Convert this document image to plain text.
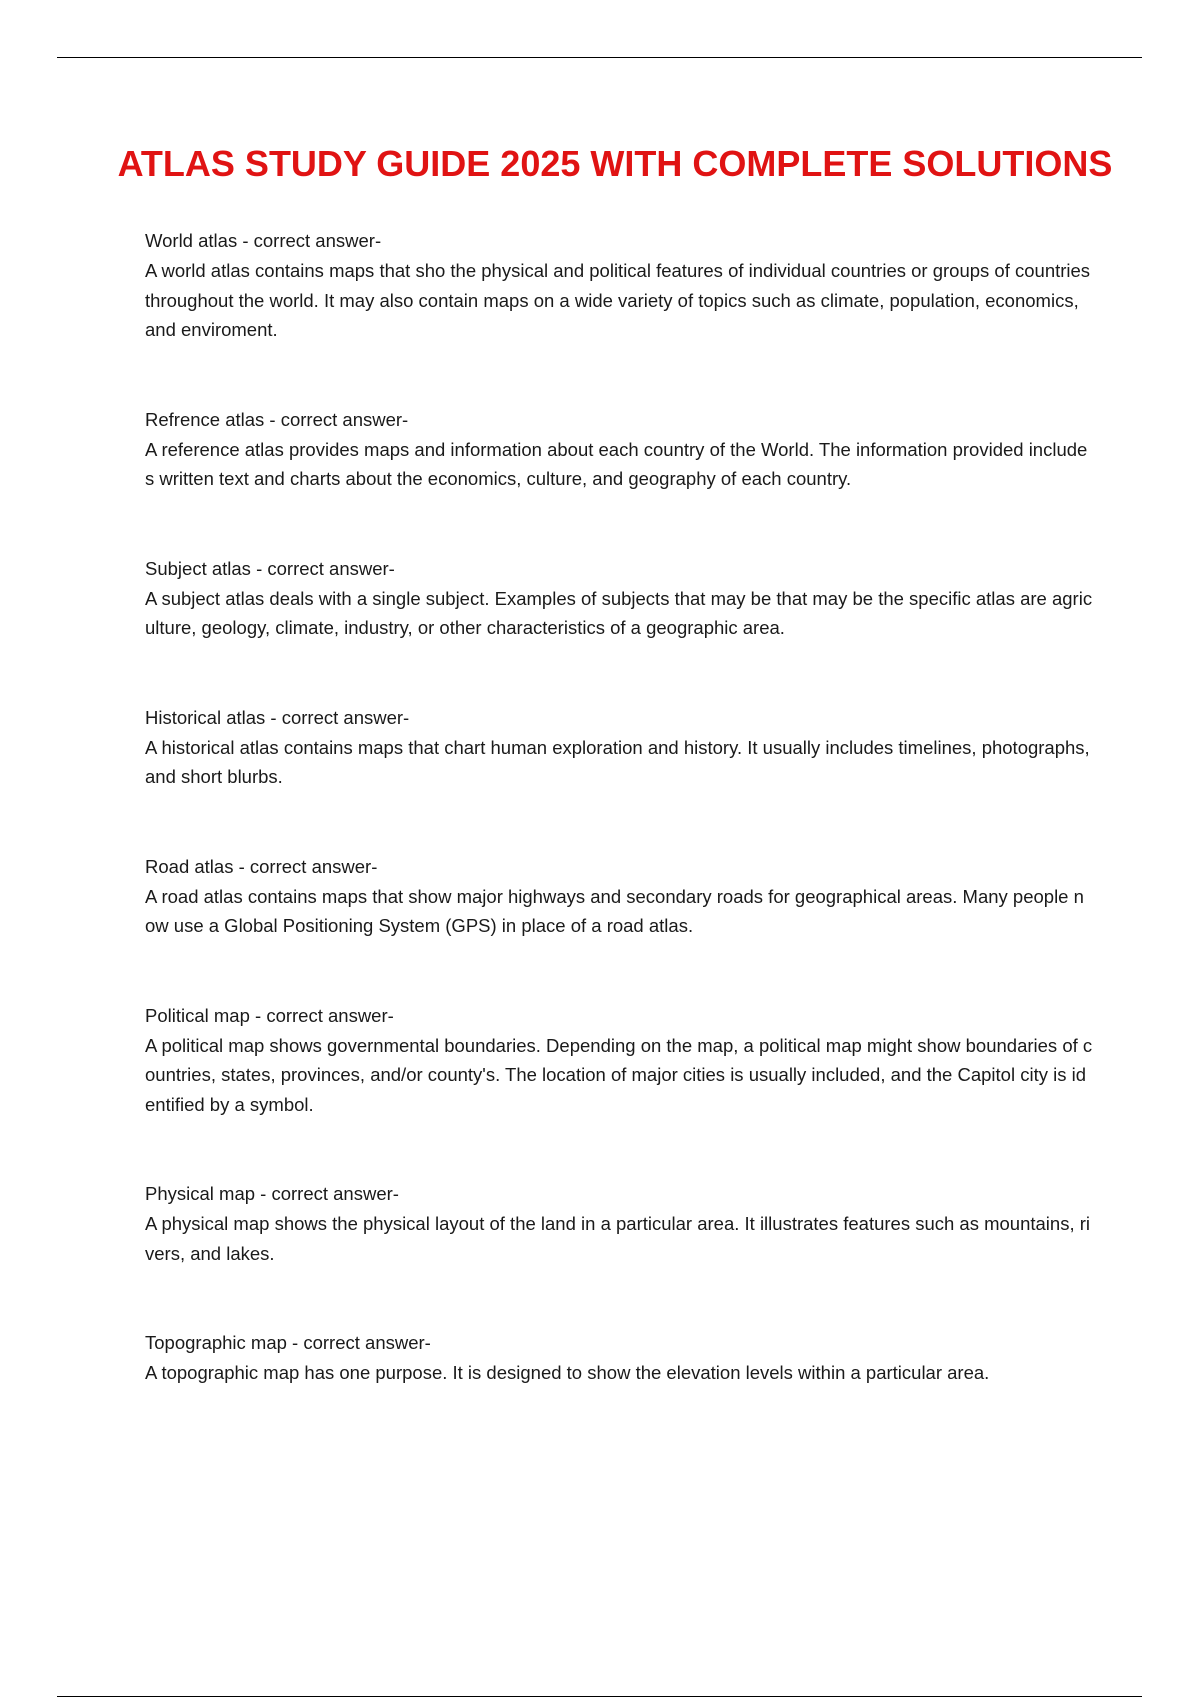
ATLAS STUDY GUIDE 2025 WITH COMPLETE SOLUTIONS
World atlas - correct answer-

A world atlas contains maps that sho the physical and political features of individual countries or groups of countries throughout the world. It may also contain maps on a wide variety of topics such as climate, population, economics, and enviroment.

Refrence atlas - correct answer-

A reference atlas provides maps and information about each country of the World. The information provided includes written text and charts about the economics, culture, and geography of each country.

Subject atlas - correct answer-

A subject atlas deals with a single subject. Examples of subjects that may be that may be the specific atlas are agriculture, geology, climate, industry, or other characteristics of a geographic area.

Historical atlas - correct answer-

A historical atlas contains maps that chart human exploration and history. It usually includes timelines, photographs, and short blurbs.

Road atlas - correct answer-

A road atlas contains maps that show major highways and secondary roads for geographical areas. Many people now use a Global Positioning System (GPS) in place of a road atlas.

Political map - correct answer-

A political map shows governmental boundaries. Depending on the map, a political map might show boundaries of countries, states, provinces, and/or county's. The location of major cities is usually included, and the Capitol city is identified by a symbol.

Physical map - correct answer-

A physical map shows the physical layout of the land in a particular area. It illustrates features such as mountains, rivers, and lakes.

Topographic map - correct answer-

A topographic map has one purpose. It is designed to show the elevation levels within a particular area.
